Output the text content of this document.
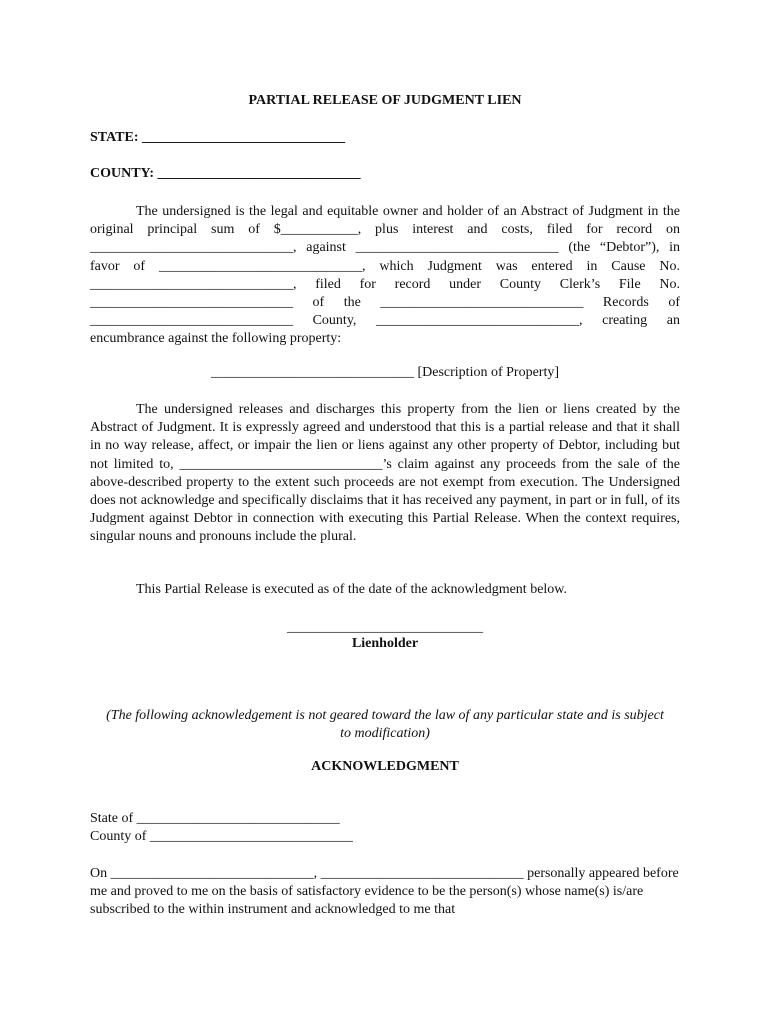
PARTIAL RELEASE OF JUDGMENT LIEN
STATE: _____________________________
COUNTY: _____________________________

The undersigned is the legal and equitable owner and holder of an Abstract of Judgment in the original principal sum of $___________, plus interest and costs, filed for record on _____________________________, against _____________________________ (the “Debtor”), in favor of _____________________________, which Judgment was entered in Cause No. _____________________________, filed for record under County Clerk’s File No. _____________________________ of the _____________________________ Records of _____________________________ County, _____________________________, creating an encumbrance against the following property:

_____________________________ [Description of Property]

The undersigned releases and discharges this property from the lien or liens created by the Abstract of Judgment. It is expressly agreed and understood that this is a partial release and that it shall in no way release, affect, or impair the lien or liens against any other property of Debtor, including but not limited to, _____________________________’s claim against any proceeds from the sale of the above-described property to the extent such proceeds are not exempt from execution. The Undersigned does not acknowledge and specifically disclaims that it has received any payment, in part or in full, of its Judgment against Debtor in connection with executing this Partial Release. When the context requires, singular nouns and pronouns include the plural.

This Partial Release is executed as of the date of the acknowledgment below.

____________________________
Lienholder

(The following acknowledgement is not geared toward the law of any particular state and is subject to modification)

ACKNOWLEDGMENT
State of _____________________________
County of _____________________________

On _____________________________, _____________________________ personally appeared before me and proved to me on the basis of satisfactory evidence to be the person(s) whose name(s) is/are subscribed to the within instrument and acknowledged to me that
